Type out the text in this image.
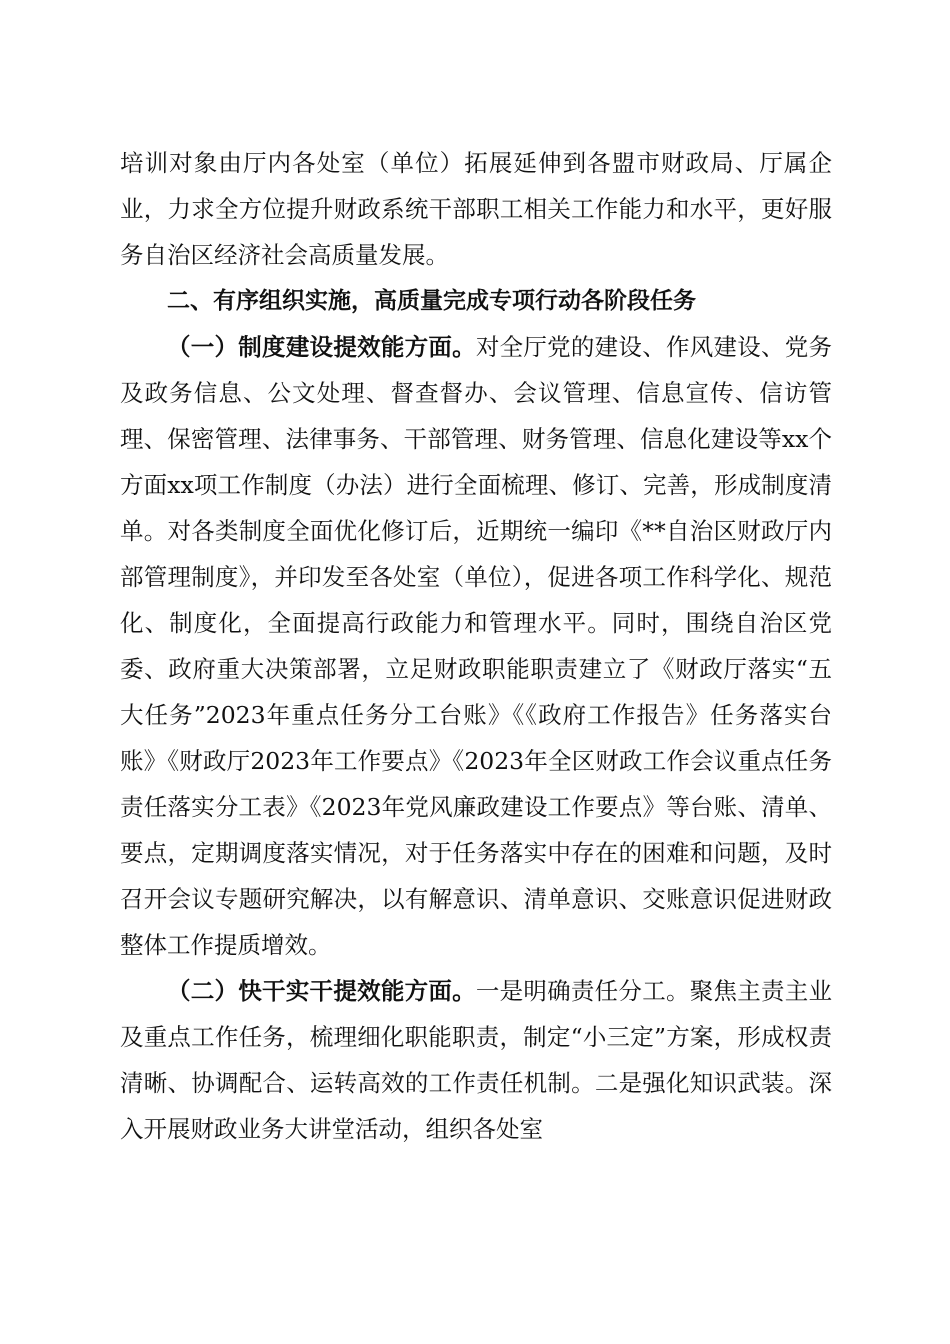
培训对象由厅内各处室（单位）拓展延伸到各盟市财政局、厅属企业，力求全方位提升财政系统干部职工相关工作能力和水平，更好服务自治区经济社会高质量发展。

二、有序组织实施，高质量完成专项行动各阶段任务

（一）制度建设提效能方面。对全厅党的建设、作风建设、党务及政务信息、公文处理、督查督办、会议管理、信息宣传、信访管理、保密管理、法律事务、干部管理、财务管理、信息化建设等xx个方面xx项工作制度（办法）进行全面梳理、修订、完善，形成制度清单。对各类制度全面优化修订后，近期统一编印《**自治区财政厅内部管理制度》，并印发至各处室（单位），促进各项工作科学化、规范化、制度化，全面提高行政能力和管理水平。同时，围绕自治区党委、政府重大决策部署，立足财政职能职责建立了《财政厅落实“五大任务”2023年重点任务分工台账》《《政府工作报告》任务落实台账》《财政厅2023年工作要点》《2023年全区财政工作会议重点任务责任落实分工表》《2023年党风廉政建设工作要点》等台账、清单、要点，定期调度落实情况，对于任务落实中存在的困难和问题，及时召开会议专题研究解决，以有解意识、清单意识、交账意识促进财政整体工作提质增效。

（二）快干实干提效能方面。一是明确责任分工。聚焦主责主业及重点工作任务，梳理细化职能职责，制定“小三定”方案，形成权责清晰、协调配合、运转高效的工作责任机制。二是强化知识武装。深入开展财政业务大讲堂活动，组织各处室
